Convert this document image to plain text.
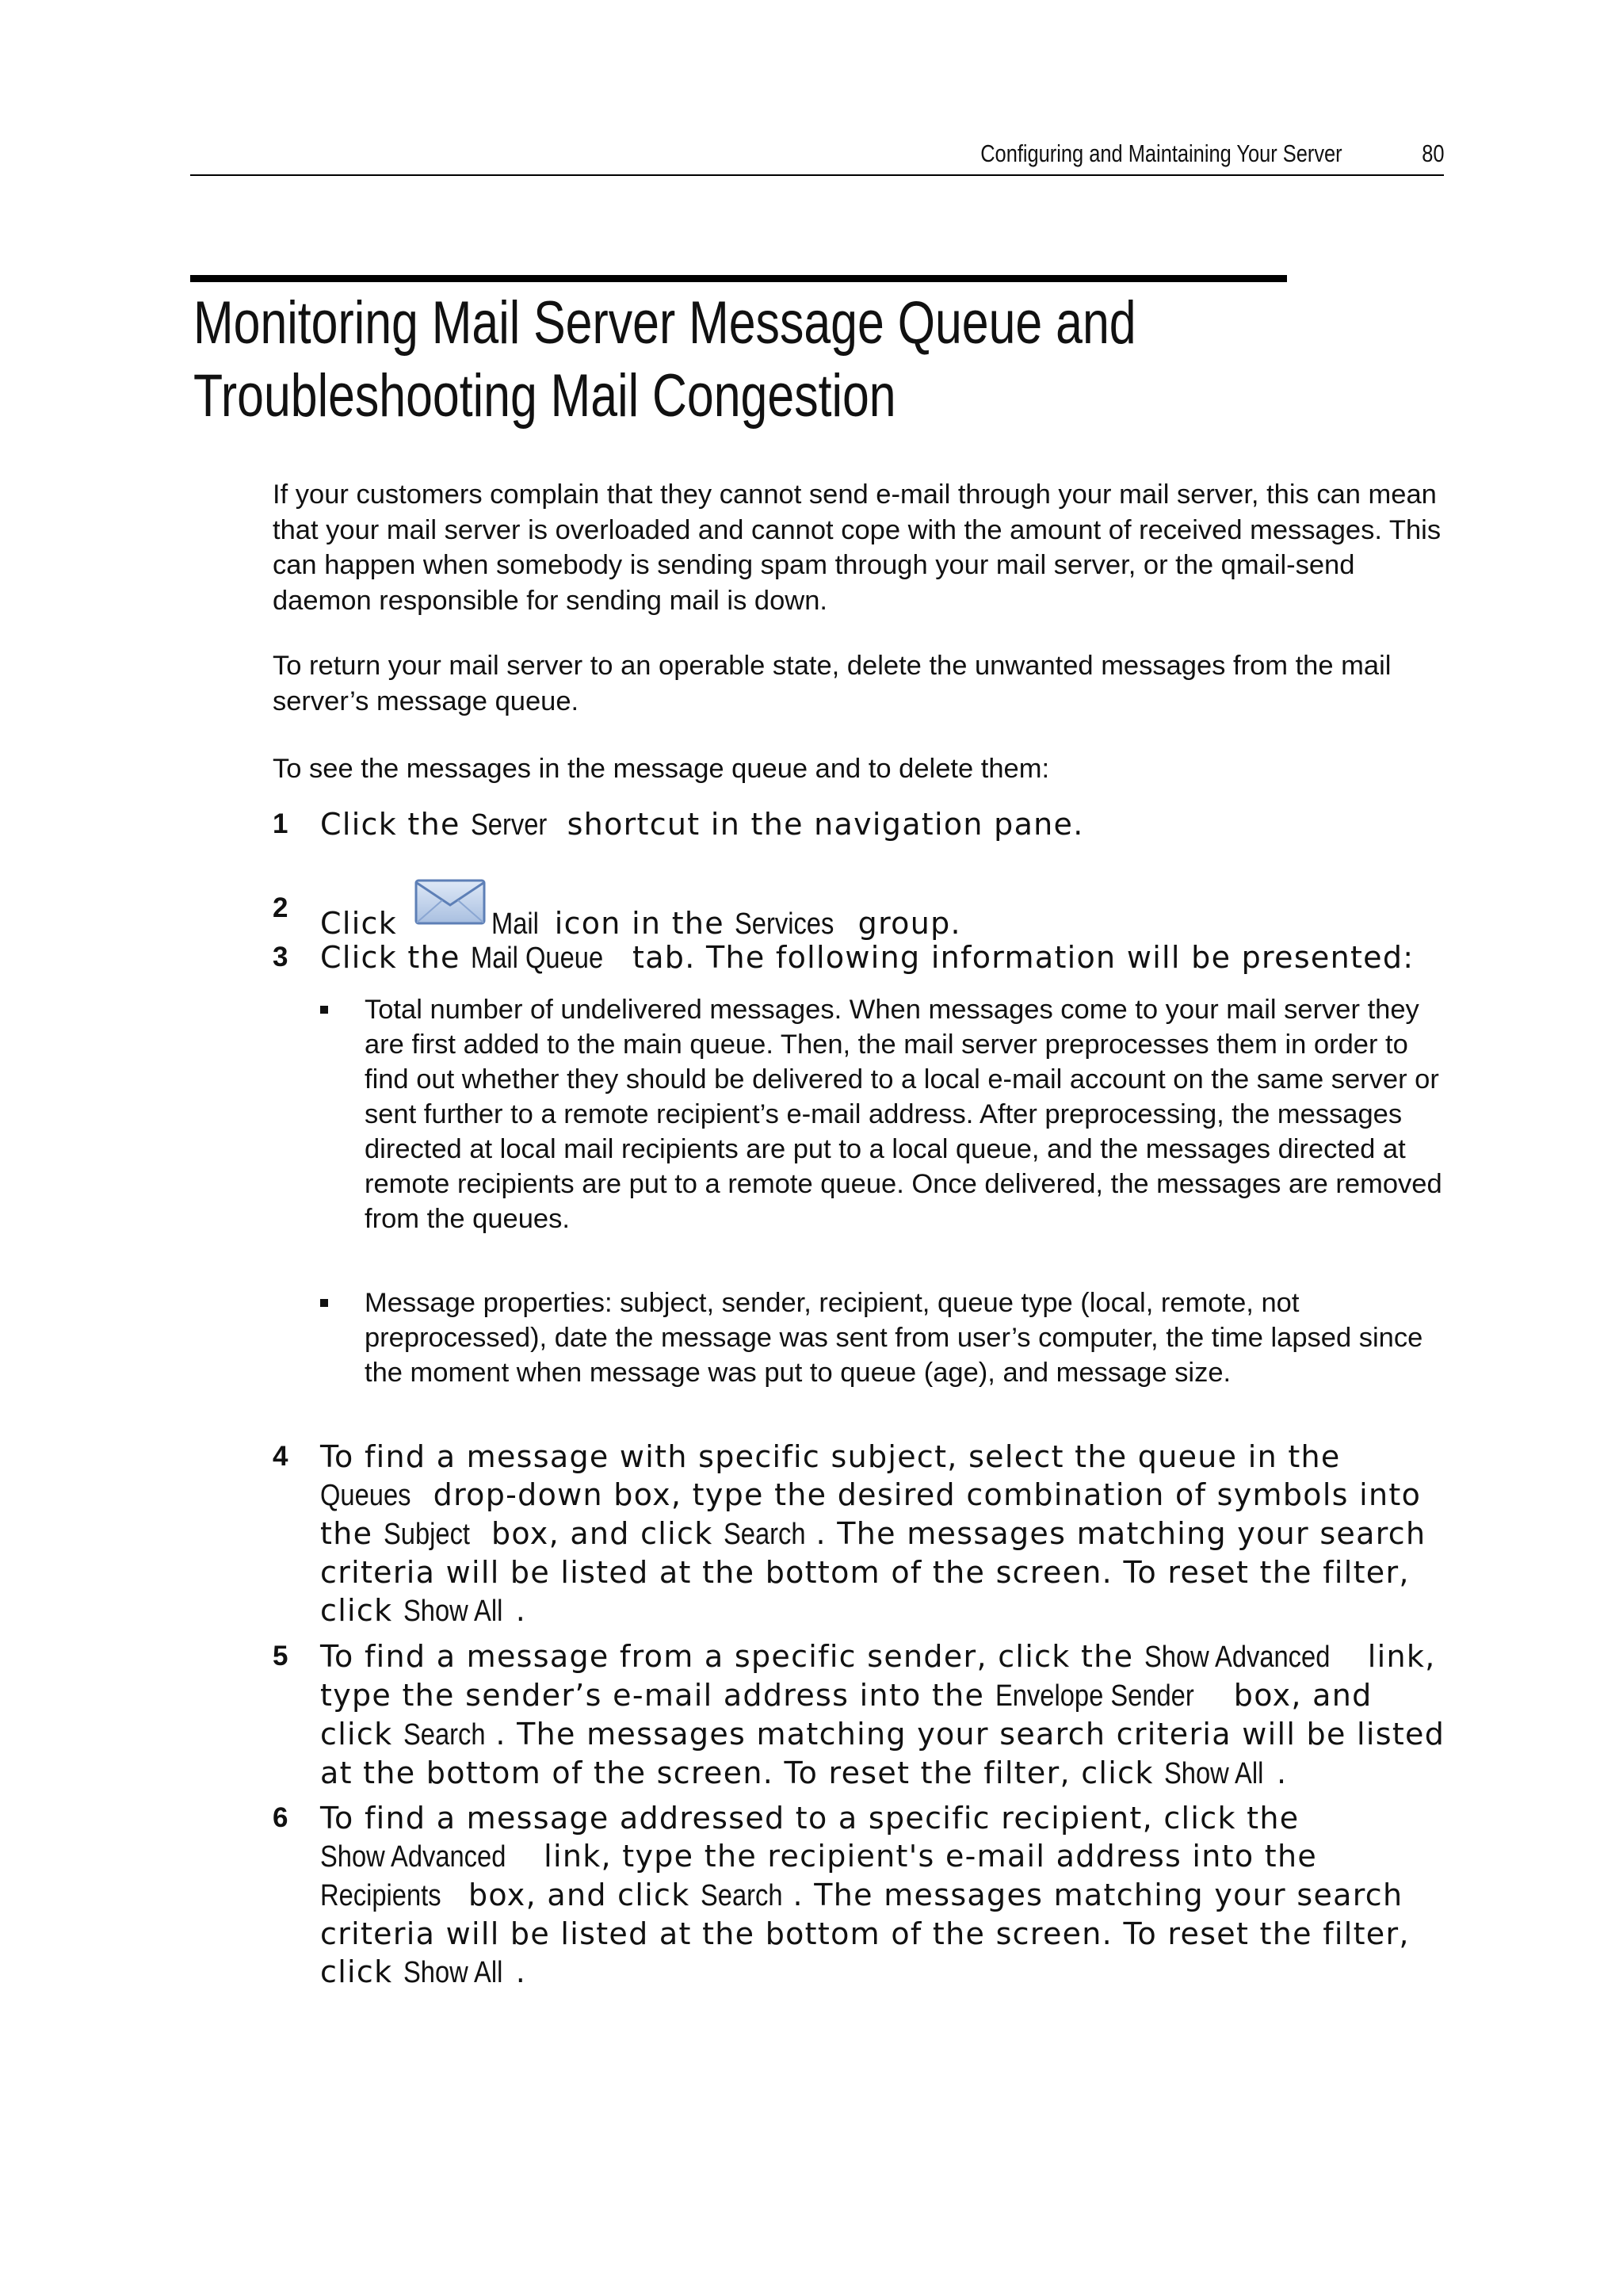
Configuring and Maintaining Your Server	80
Monitoring Mail Server Message Queue and
Troubleshooting Mail Congestion

If your customers complain that they cannot send e-mail through your mail server, this can mean that your mail server is overloaded and cannot cope with the amount of received messages. This can happen when somebody is sending spam through your mail server, or the qmail-send daemon responsible for sending mail is down.

To return your mail server to an operable state, delete the unwanted messages from the mail server’s message queue.

To see the messages in the message queue and to delete them:

1 Click the Server shortcut in the navigation pane.
2 Click	Mail icon in the Services group.
3 Click the Mail Queue tab. The following information will be presented:
Total number of undelivered messages. When messages come to your mail server they are first added to the main queue. Then, the mail server preprocesses them in order to find out whether they should be delivered to a local e-mail account on the same server or sent further to a remote recipient’s e-mail address. After preprocessing, the messages directed at local mail recipients are put to a local queue, and the messages directed at remote recipients are put to a remote queue. Once delivered, the messages are removed from the queues.
Message properties: subject, sender, recipient, queue type (local, remote, not preprocessed), date the message was sent from user’s computer, the time lapsed since the moment when message was put to queue (age), and message size.
4 To find a message with specific subject, select the queue in the Queues drop-down box, type the desired combination of symbols into the Subject box, and click Search . The messages matching your search criteria will be listed at the bottom of the screen. To reset the filter, click Show All .
5 To find a message from a specific sender, click the Show Advanced link, type the sender’s e-mail address into the Envelope Sender box, and click Search . The messages matching your search criteria will be listed at the bottom of the screen. To reset the filter, click Show All .
6 To find a message addressed to a specific recipient, click the Show Advanced link, type the recipient's e-mail address into the Recipients box, and click Search . The messages matching your search criteria will be listed at the bottom of the screen. To reset the filter, click Show All .
